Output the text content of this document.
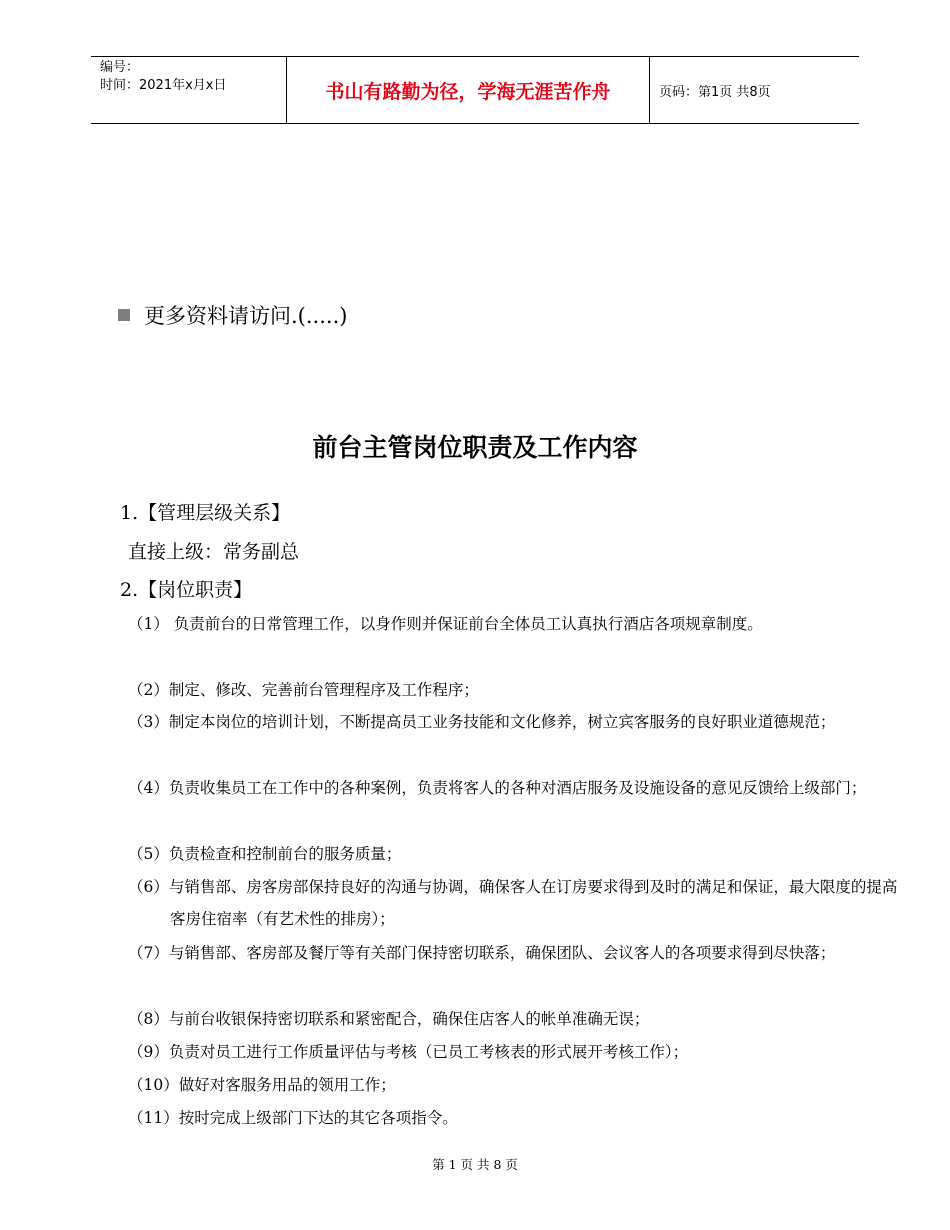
编号：
时间：2021年x月x日	书山有路勤为径，学海无涯苦作舟	页码：第1页 共8页
更多资料请访问.(.....)
前台主管岗位职责及工作内容
1.【管理层级关系】
直接上级：常务副总
2.【岗位职责】
（1） 负责前台的日常管理工作，以身作则并保证前台全体员工认真执行酒店各项规章制度。
（2）制定、修改、完善前台管理程序及工作程序；
（3）制定本岗位的培训计划，不断提高员工业务技能和文化修养，树立宾客服务的良好职业道德规范；
（4）负责收集员工在工作中的各种案例，负责将客人的各种对酒店服务及设施设备的意见反馈给上级部门；
（5）负责检查和控制前台的服务质量；
（6）与销售部、房客房部保持良好的沟通与协调，确保客人在订房要求得到及时的满足和保证，最大限度的提高客房住宿率（有艺术性的排房）；
（7）与销售部、客房部及餐厅等有关部门保持密切联系，确保团队、会议客人的各项要求得到尽快落；
（8）与前台收银保持密切联系和紧密配合，确保住店客人的帐单准确无误；
（9）负责对员工进行工作质量评估与考核（已员工考核表的形式展开考核工作）；
（10）做好对客服务用品的领用工作；
（11）按时完成上级部门下达的其它各项指令。
第 1 页 共 8 页
